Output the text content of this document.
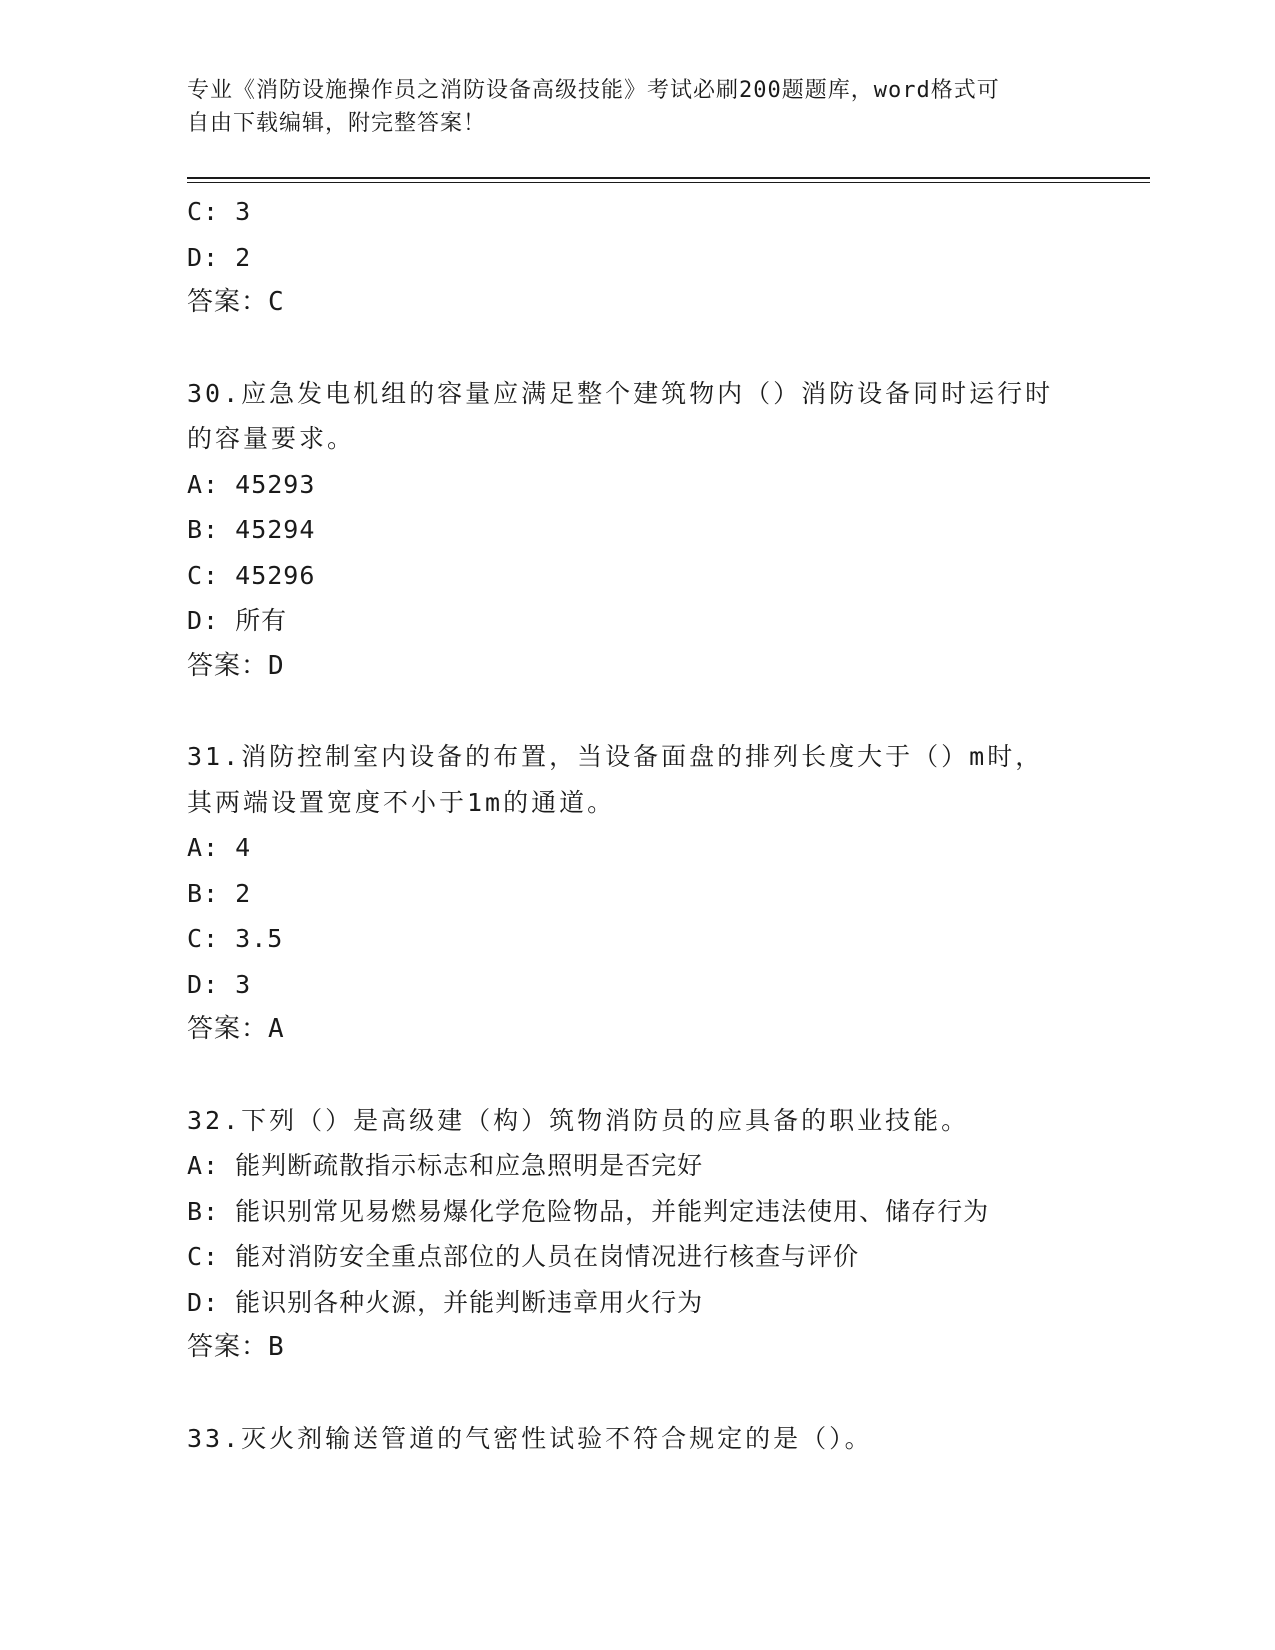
专业《消防设施操作员之消防设备高级技能》考试必刷200题题库，word格式可
自由下载编辑，附完整答案！
C: 3
D: 2
答案：C
30.应急发电机组的容量应满足整个建筑物内（）消防设备同时运行时
的容量要求。
A: 45293
B: 45294
C: 45296
D: 所有
答案：D
31.消防控制室内设备的布置，当设备面盘的排列长度大于（）m时，
其两端设置宽度不小于1m的通道。
A: 4
B: 2
C: 3.5
D: 3
答案：A
32.下列（）是高级建（构）筑物消防员的应具备的职业技能。
A: 能判断疏散指示标志和应急照明是否完好
B: 能识别常见易燃易爆化学危险物品，并能判定违法使用、储存行为
C: 能对消防安全重点部位的人员在岗情况进行核查与评价
D: 能识别各种火源，并能判断违章用火行为
答案：B
33.灭火剂输送管道的气密性试验不符合规定的是（）。
